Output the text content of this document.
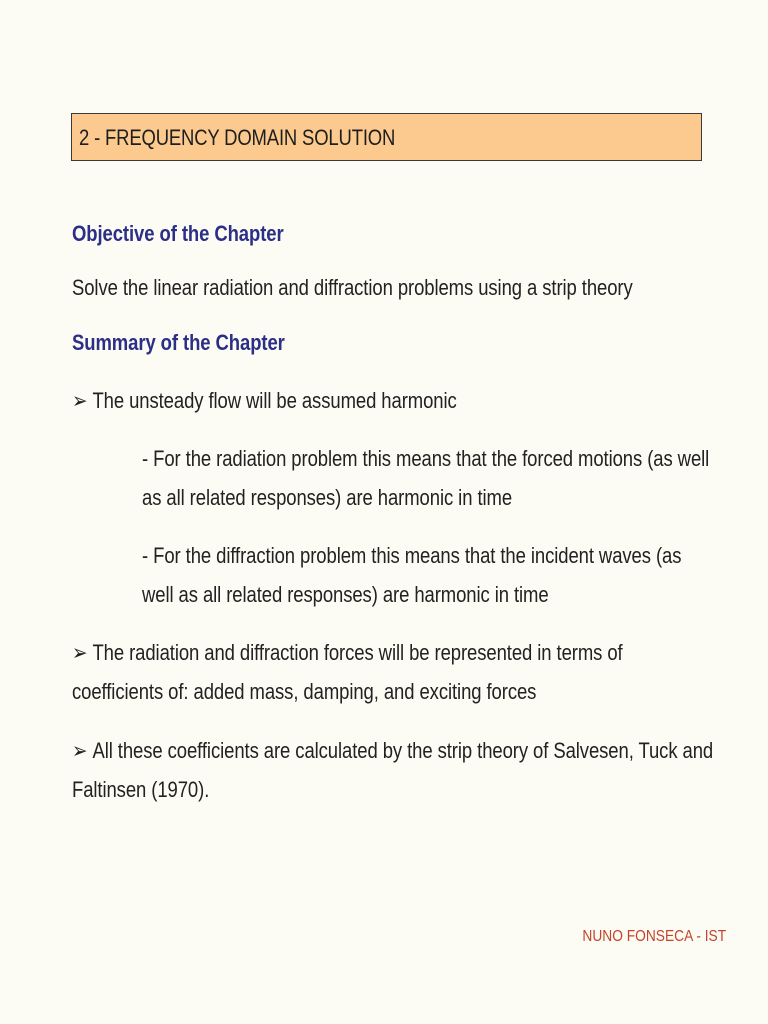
2 - FREQUENCY DOMAIN SOLUTION
Objective of the Chapter
Solve the linear radiation and diffraction problems using a strip theory
Summary of the Chapter
➢ The unsteady flow will be assumed harmonic
- For the radiation problem this means that the forced motions (as well
as all related responses) are harmonic in time
- For the diffraction problem this means that the incident waves (as
well as all related responses) are harmonic in time
➢ The radiation and diffraction forces will be represented in terms of
coefficients of: added mass, damping, and exciting forces
➢ All these coefficients are calculated by the strip theory of Salvesen, Tuck and
Faltinsen (1970).
NUNO FONSECA - IST
